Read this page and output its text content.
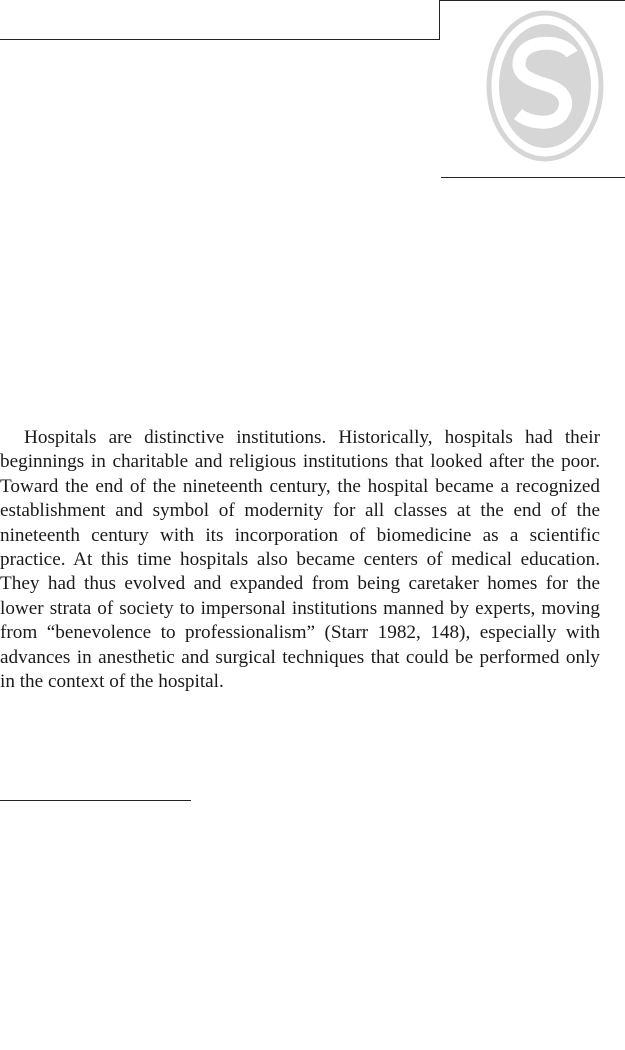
Hospitals are distinctive institutions. Historically, hospitals had their beginnings in charitable and religious institutions that looked after the poor. Toward the end of the nineteenth century, the hospital became a recognized establishment and symbol of modernity for all classes at the end of the nineteenth century with its incorporation of biomedicine as a scientific practice. At this time hospitals also became centers of medical education. They had thus evolved and expanded from being caretaker homes for the lower strata of society to impersonal institutions manned by experts, moving from “benevolence to professionalism” (Starr 1982, 148), especially with advances in anesthetic and surgical techniques that could be performed only in the context of the hospital.
